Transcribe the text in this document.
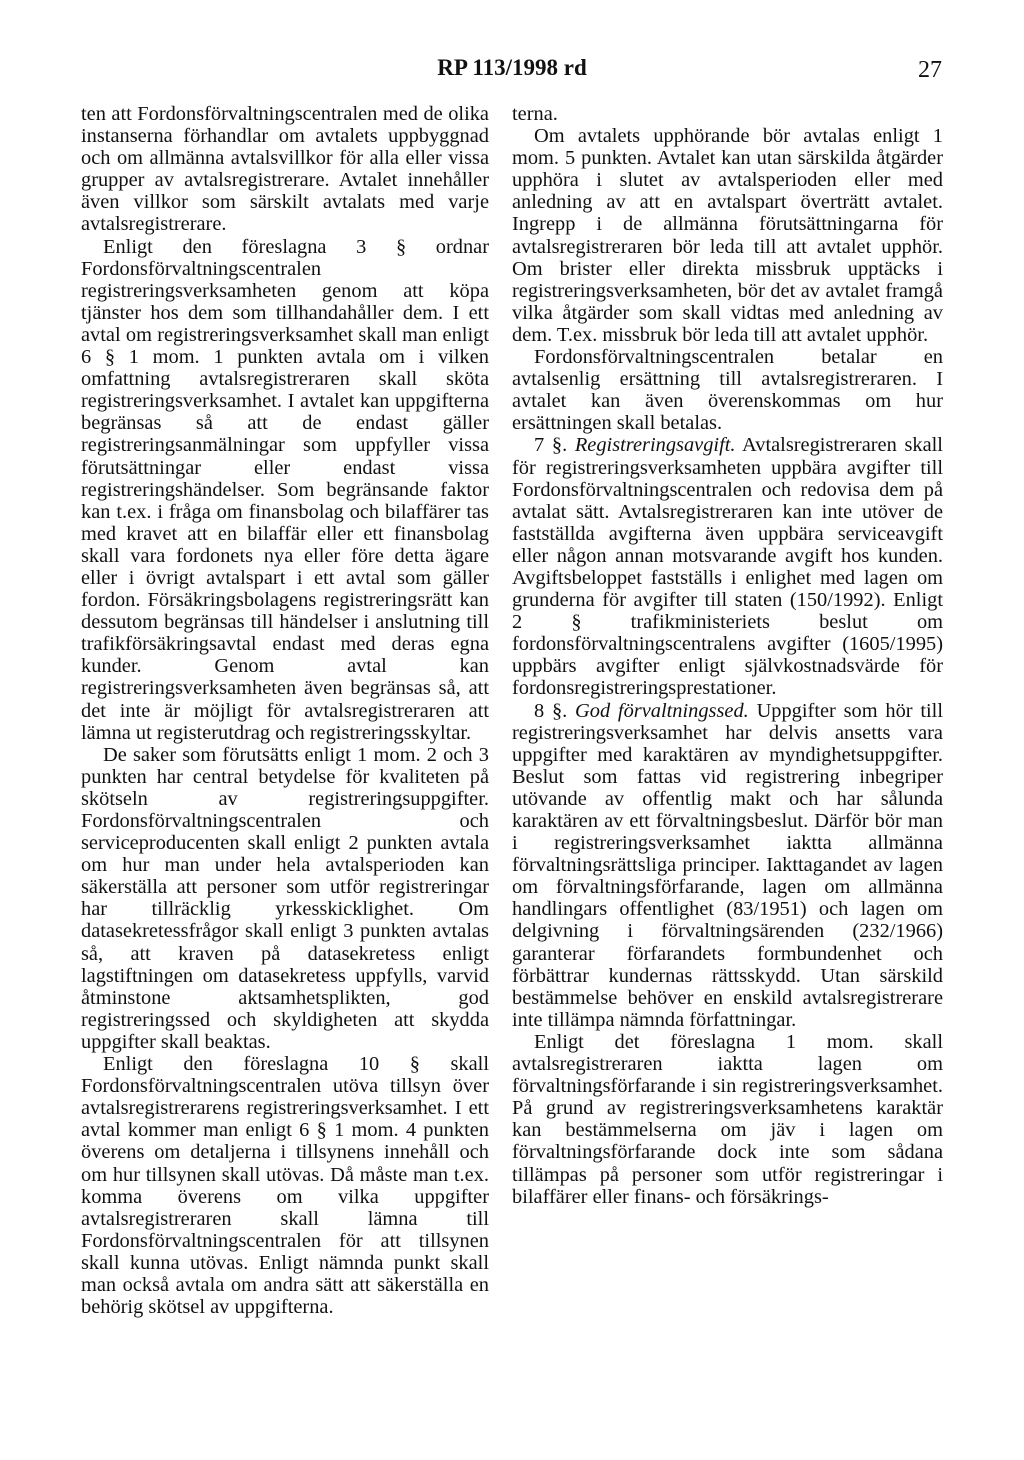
RP 113/1998 rd	27

ten att Fordonsförvaltningscentralen med de olika instanserna förhandlar om avtalets uppbyggnad och om allmänna avtalsvillkor för alla eller vissa grupper av avtalsregistrerare. Avtalet innehåller även villkor som särskilt avtalats med varje avtalsregistrerare.

Enligt den föreslagna 3 § ordnar Fordonsförvaltningscentralen registreringsverksamheten genom att köpa tjänster hos dem som tillhandahåller dem. I ett avtal om registreringsverksamhet skall man enligt 6 § 1 mom. 1 punkten avtala om i vilken omfattning avtalsregistreraren skall sköta registreringsverksamhet. I avtalet kan uppgifterna begränsas så att de endast gäller registreringsanmälningar som uppfyller vissa förutsättningar eller endast vissa registreringshändelser. Som begränsande faktor kan t.ex. i fråga om finansbolag och bilaffärer tas med kravet att en bilaffär eller ett finansbolag skall vara fordonets nya eller före detta ägare eller i övrigt avtalspart i ett avtal som gäller fordon. Försäkringsbolagens registreringsrätt kan dessutom begränsas till händelser i anslutning till trafikförsäkringsavtal endast med deras egna kunder. Genom avtal kan registreringsverksamheten även begränsas så, att det inte är möjligt för avtalsregistreraren att lämna ut registerutdrag och registreringsskyltar.

De saker som förutsätts enligt 1 mom. 2 och 3 punkten har central betydelse för kvaliteten på skötseln av registreringsuppgifter. Fordonsförvaltningscentralen och serviceproducenten skall enligt 2 punkten avtala om hur man under hela avtalsperioden kan säkerställa att personer som utför registreringar har tillräcklig yrkesskicklighet. Om datasekretessfrågor skall enligt 3 punkten avtalas så, att kraven på datasekretess enligt lagstiftningen om datasekretess uppfylls, varvid åtminstone aktsamhetsplikten, god registreringssed och skyldigheten att skydda uppgifter skall beaktas.

Enligt den föreslagna 10 § skall Fordonsförvaltningscentralen utöva tillsyn över avtalsregistrerarens registreringsverksamhet. I ett avtal kommer man enligt 6 § 1 mom. 4 punkten överens om detaljerna i tillsynens innehåll och om hur tillsynen skall utövas. Då måste man t.ex. komma överens om vilka uppgifter avtalsregistreraren skall lämna till Fordonsförvaltningscentralen för att tillsynen skall kunna utövas. Enligt nämnda punkt skall man också avtala om andra sätt att säkerställa en behörig skötsel av uppgifterna.

terna.

Om avtalets upphörande bör avtalas enligt 1 mom. 5 punkten. Avtalet kan utan särskilda åtgärder upphöra i slutet av avtalsperioden eller med anledning av att en avtalspart överträtt avtalet. Ingrepp i de allmänna förutsättningarna för avtalsregistreraren bör leda till att avtalet upphör. Om brister eller direkta missbruk upptäcks i registreringsverksamheten, bör det av avtalet framgå vilka åtgärder som skall vidtas med anledning av dem. T.ex. missbruk bör leda till att avtalet upphör.

Fordonsförvaltningscentralen betalar en avtalsenlig ersättning till avtalsregistreraren. I avtalet kan även överenskommas om hur ersättningen skall betalas.

7 §. Registreringsavgift. Avtalsregistreraren skall för registreringsverksamheten uppbära avgifter till Fordonsförvaltningscentralen och redovisa dem på avtalat sätt. Avtalsregistreraren kan inte utöver de fastställda avgifterna även uppbära serviceavgift eller någon annan motsvarande avgift hos kunden. Avgiftsbeloppet fastställs i enlighet med lagen om grunderna för avgifter till staten (150/1992). Enligt 2 § trafikministeriets beslut om fordonsförvaltningscentralens avgifter (1605/1995) uppbärs avgifter enligt självkostnadsvärde för fordonsregistreringsprestationer.

8 §. God förvaltningssed. Uppgifter som hör till registreringsverksamhet har delvis ansetts vara uppgifter med karaktären av myndighetsuppgifter. Beslut som fattas vid registrering inbegriper utövande av offentlig makt och har sålunda karaktären av ett förvaltningsbeslut. Därför bör man i registreringsverksamhet iaktta allmänna förvaltningsrättsliga principer. Iakttagandet av lagen om förvaltningsförfarande, lagen om allmänna handlingars offentlighet (83/1951) och lagen om delgivning i förvaltningsärenden (232/1966) garanterar förfarandets formbundenhet och förbättrar kundernas rättsskydd. Utan särskild bestämmelse behöver en enskild avtalsregistrerare inte tillämpa nämnda författningar.

Enligt det föreslagna 1 mom. skall avtalsregistreraren iaktta lagen om förvaltningsförfarande i sin registreringsverksamhet. På grund av registreringsverksamhetens karaktär kan bestämmelserna om jäv i lagen om förvaltningsförfarande dock inte som sådana tillämpas på personer som utför registreringar i bilaffärer eller finans- och försäkrings-
